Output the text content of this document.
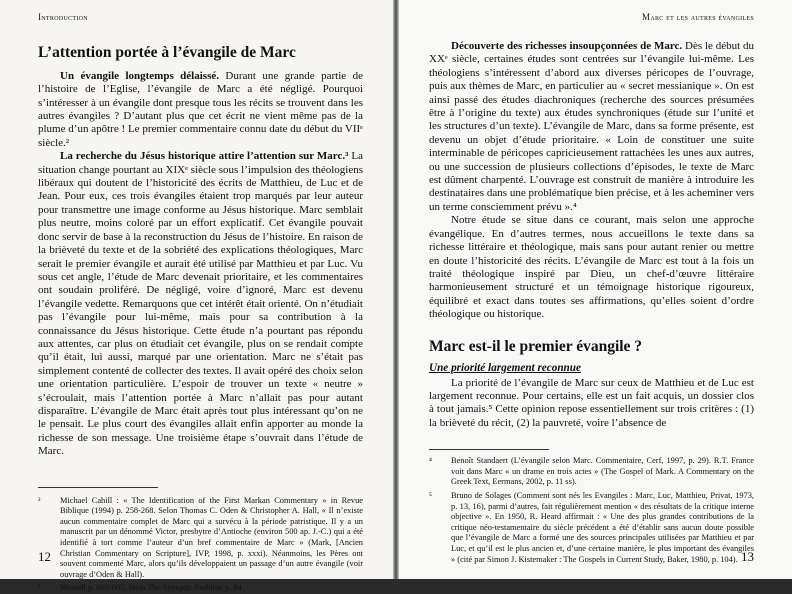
Introduction
L’attention portée à l’évangile de Marc

Un évangile longtemps délaissé. Durant une grande partie de l’histoire de l’Eglise, l’évangile de Marc a été négligé. Pourquoi s’intéresser à un évangile dont presque tous les récits se trouvent dans les autres évangiles ? D’autant plus que cet écrit ne vient même pas de la plume d’un apôtre ! Le premier commentaire connu date du début du VIIᵉ siècle.²

La recherche du Jésus historique attire l’attention sur Marc.³ La situation change pourtant au XIXᵉ siècle sous l’impulsion des théologiens libéraux qui doutent de l’historicité des écrits de Matthieu, de Luc et de Jean. Pour eux, ces trois évangiles étaient trop marqués par leur auteur pour transmettre une image conforme au Jésus historique. Marc semblait plus neutre, moins coloré par un effort explicatif. Cet évangile pouvait donc servir de base à la reconstruction du Jésus de l’histoire. En raison de la brièveté du texte et de la sobriété des explications théologiques, Marc serait le premier évangile et aurait été utilisé par Matthieu et par Luc. Vu sous cet angle, l’étude de Marc devenait prioritaire, et les commentaires ont soudain proliféré. De négligé, voire d’ignoré, Marc est devenu l’évangile vedette. Remarquons que cet intérêt était orienté. On n’étudiait pas l’évangile pour lui-même, mais pour sa contribution à la connaissance du Jésus historique. Cette étude n’a pourtant pas répondu aux attentes, car plus on étudiait cet évangile, plus on se rendait compte qu’il était, lui aussi, marqué par une orientation. Marc ne s’était pas simplement contenté de collecter des textes. Il avait opéré des choix selon une orientation particulière. L’espoir de trouver un texte « neutre » s’écroulait, mais l’attention portée à Marc n’allait pas pour autant disparaître. L’évangile de Marc était après tout plus intéressant qu’on ne le pensait. Le plus court des évangiles allait enfin apporter au monde la richesse de son message. Une troisième étape s’ouvrait dans l’étude de Marc.

²	Michael Cahill : « The Identification of the First Markan Commentary » in Revue Biblique (1994) p. 258-268. Selon Thomas C. Oden & Christopher A. Hall, « Il n’existe aucun commentaire complet de Marc qui a survécu à la période patristique. Il y a un manuscrit par un dénommé Victor, presbytre d’Antioche (environ 500 ap. J.-C.) qui a été identifié à tort comme l’auteur d’un bref commentaire de Marc » (Mark, [Ancien Christian Commentary on Scripture], IVP, 1998, p. xxxi). Néanmoins, les Pères ont souvent commenté Marc, alors qu’ils développaient un passage d’un autre évangile (voir ouvrage d’Oden & Hall).
³	Wessell p. 603-605, Stein The Synoptic Problem p. 84.
12
Marc et les autres évangiles

Découverte des richesses insoupçonnées de Marc. Dès le début du XXᵉ siècle, certaines études sont centrées sur l’évangile lui-même. Les théologiens s’intéressent d’abord aux diverses péricopes de l’ouvrage, puis aux thèmes de Marc, en particulier au « secret messianique ». On est ainsi passé des études diachroniques (recherche des sources présumées être à l’origine du texte) aux études synchroniques (étude sur l’unité et les structures d’un texte). L’évangile de Marc, dans sa forme présente, est devenu un objet d’étude prioritaire. « Loin de constituer une suite interminable de péricopes capricieusement rattachées les unes aux autres, ou une succession de plusieurs collections d’épisodes, le texte de Marc est dûment charpenté. L’ouvrage est construit de manière à introduire les destinataires dans une problématique bien précise, et à les acheminer vers un terme consciemment prévu ».⁴

Notre étude se situe dans ce courant, mais selon une approche évangélique. En d’autres termes, nous accueillons le texte dans sa richesse littéraire et théologique, mais sans pour autant renier ou mettre en doute l’historicité des récits. L’évangile de Marc est tout à la fois un traité théologique inspiré par Dieu, un chef-d’œuvre littéraire harmonieusement structuré et un témoignage historique rigoureux, équilibré et exact dans toutes ses affirmations, qu’elles soient d’ordre théologique ou historique.

Marc est-il le premier évangile ?
Une priorité largement reconnue

La priorité de l’évangile de Marc sur ceux de Matthieu et de Luc est largement reconnue. Pour certains, elle est un fait acquis, un dossier clos à tout jamais.⁵ Cette opinion repose essentiellement sur trois critères : (1) la brièveté du récit, (2) la pauvreté, voire l’absence de

⁴	Benoît Standaert (L’évangile selon Marc. Commentaire, Cerf, 1997, p. 29). R.T. France voit dans Marc « un drame en trois actes » (The Gospel of Mark. A Commentary on the Greek Text, Eermans, 2002, p. 11 ss).
⁵	Bruno de Solages (Comment sont nés les Evangiles : Marc, Luc, Matthieu, Privat, 1973, p. 13, 16), parmi d’autres, fait régulièrement mention « des résultats de la critique interne objective ». En 1950, R. Heard affirmait : « Une des plus grandes contributions de la critique néo-testamentaire du siècle précédent a été d’établir sans aucun doute possible que l’évangile de Marc a formé une des sources principales utilisées par Matthieu et par Luc, et qu’il est le plus ancien et, d’une certaine manière, le plus important des évangiles » (cité par Simon J. Kistemaker : The Gospels in Current Study, Baker, 1980, p. 104). 13
